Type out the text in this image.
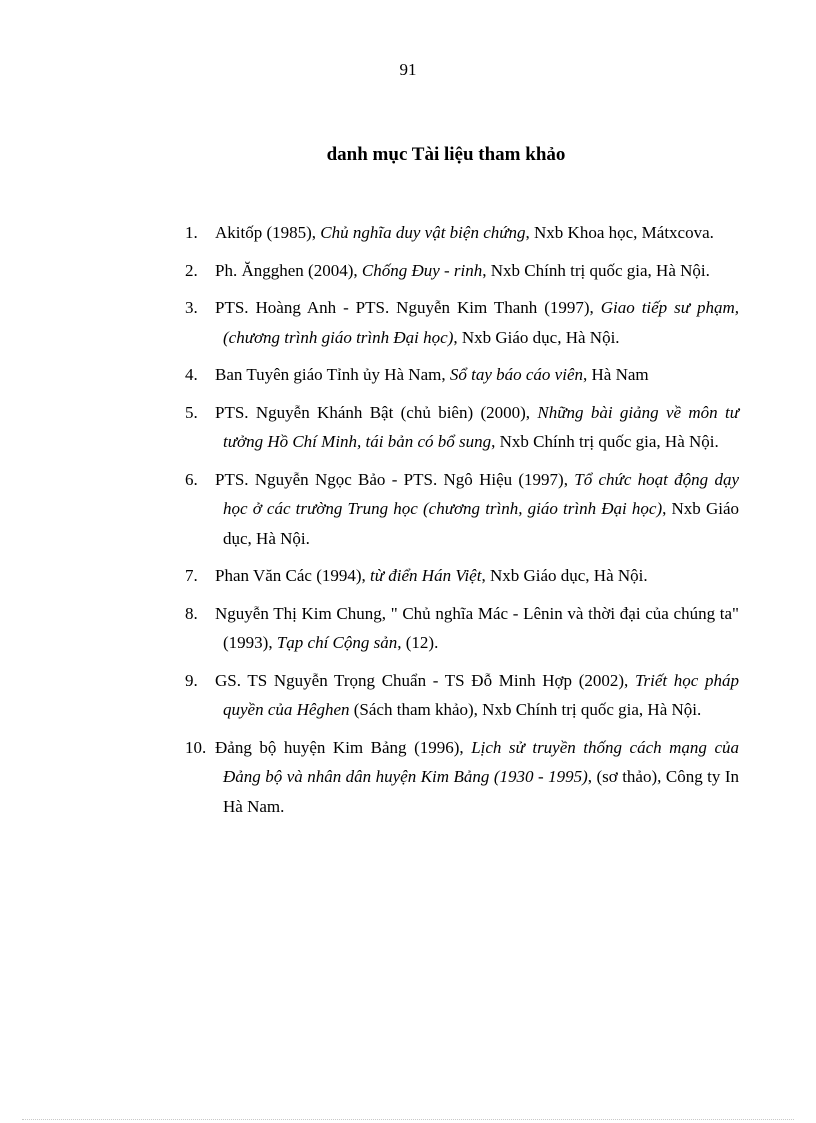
91
danh mục Tài liệu tham khảo
1. Akitốp (1985), Chủ nghĩa duy vật biện chứng, Nxb Khoa học, Mátxcova.
2. Ph. Ăngghen (2004), Chống Đuy - rinh, Nxb Chính trị quốc gia, Hà Nội.
3. PTS. Hoàng Anh - PTS. Nguyễn Kim Thanh (1997), Giao tiếp sư phạm, (chương trình giáo trình Đại học), Nxb Giáo dục, Hà Nội.
4. Ban Tuyên giáo Tỉnh ủy Hà Nam, Sổ tay báo cáo viên, Hà Nam
5. PTS. Nguyễn Khánh Bật (chủ biên) (2000), Những bài giảng về môn tư tưởng Hồ Chí Minh, tái bản có bổ sung, Nxb Chính trị quốc gia, Hà Nội.
6. PTS. Nguyễn Ngọc Bảo - PTS. Ngô Hiệu (1997), Tổ chức hoạt động dạy học ở các trường Trung học (chương trình, giáo trình Đại học), Nxb Giáo dục, Hà Nội.
7. Phan Văn Các (1994), từ điển Hán Việt, Nxb Giáo dục, Hà Nội.
8. Nguyễn Thị Kim Chung, " Chủ nghĩa Mác - Lênin và thời đại của chúng ta" (1993), Tạp chí Cộng sản, (12).
9. GS. TS Nguyễn Trọng Chuẩn - TS Đỗ Minh Hợp (2002), Triết học pháp quyền của Hêghen (Sách tham khảo), Nxb Chính trị quốc gia, Hà Nội.
10. Đảng bộ huyện Kim Bảng (1996), Lịch sử truyền thống cách mạng của Đảng bộ và nhân dân huyện Kim Bảng (1930 - 1995), (sơ thảo), Công ty In Hà Nam.
